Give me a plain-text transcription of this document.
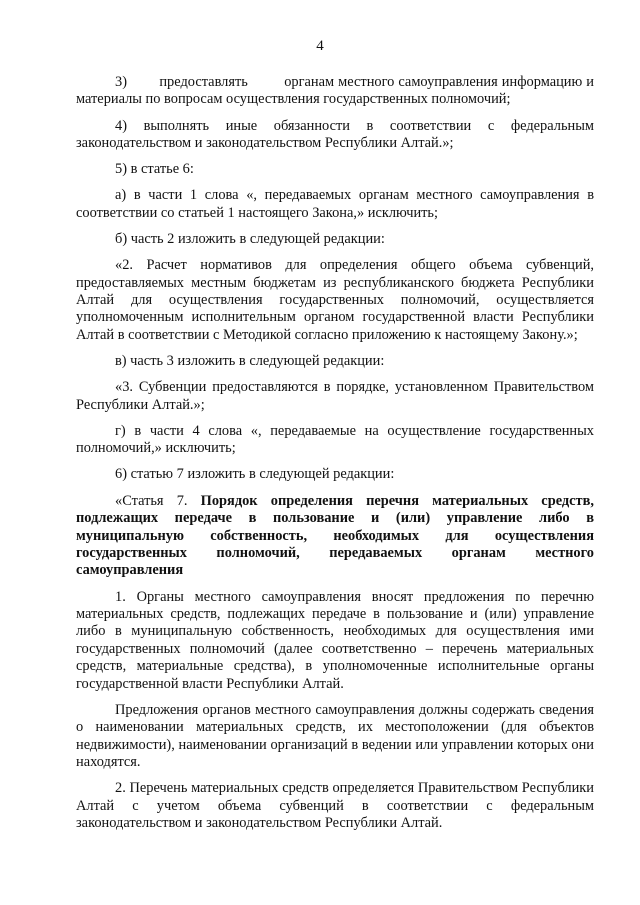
4

3)        предоставлять         органам местного самоуправления информацию и материалы по вопросам осуществления государственных полномочий;

4) выполнять иные обязанности в соответствии с федеральным законодательством и законодательством Республики Алтай.»;

5) в статье 6:

а) в части 1 слова «, передаваемых органам местного самоуправления в соответствии со статьей 1 настоящего Закона,» исключить;

б) часть 2 изложить в следующей редакции:

«2. Расчет нормативов для определения общего объема субвенций, предоставляемых местным бюджетам из республиканского бюджета Республики Алтай для осуществления государственных полномочий, осуществляется уполномоченным исполнительным органом государственной власти Республики Алтай в соответствии с Методикой согласно приложению к настоящему Закону.»;

в) часть 3 изложить в следующей редакции:

«3. Субвенции предоставляются в порядке, установленном Правительством Республики Алтай.»;

г) в части 4 слова «, передаваемые на осуществление государственных полномочий,» исключить;

6) статью 7 изложить в следующей редакции:

«Статья 7. Порядок определения перечня материальных средств, подлежащих передаче в пользование и (или) управление либо в муниципальную собственность, необходимых для осуществления государственных полномочий, передаваемых органам местного самоуправления

1. Органы местного самоуправления вносят предложения по перечню материальных средств, подлежащих передаче в пользование и (или) управление либо в муниципальную собственность, необходимых для осуществления ими государственных полномочий (далее соответственно – перечень материальных средств, материальные средства), в уполномоченные исполнительные органы государственной власти Республики Алтай.

Предложения органов местного самоуправления должны содержать сведения о наименовании материальных средств, их местоположении (для объектов недвижимости), наименовании организаций в ведении или управлении которых они находятся.

2. Перечень материальных средств определяется Правительством Республики Алтай с учетом объема субвенций в соответствии с федеральным законодательством и законодательством Республики Алтай.
